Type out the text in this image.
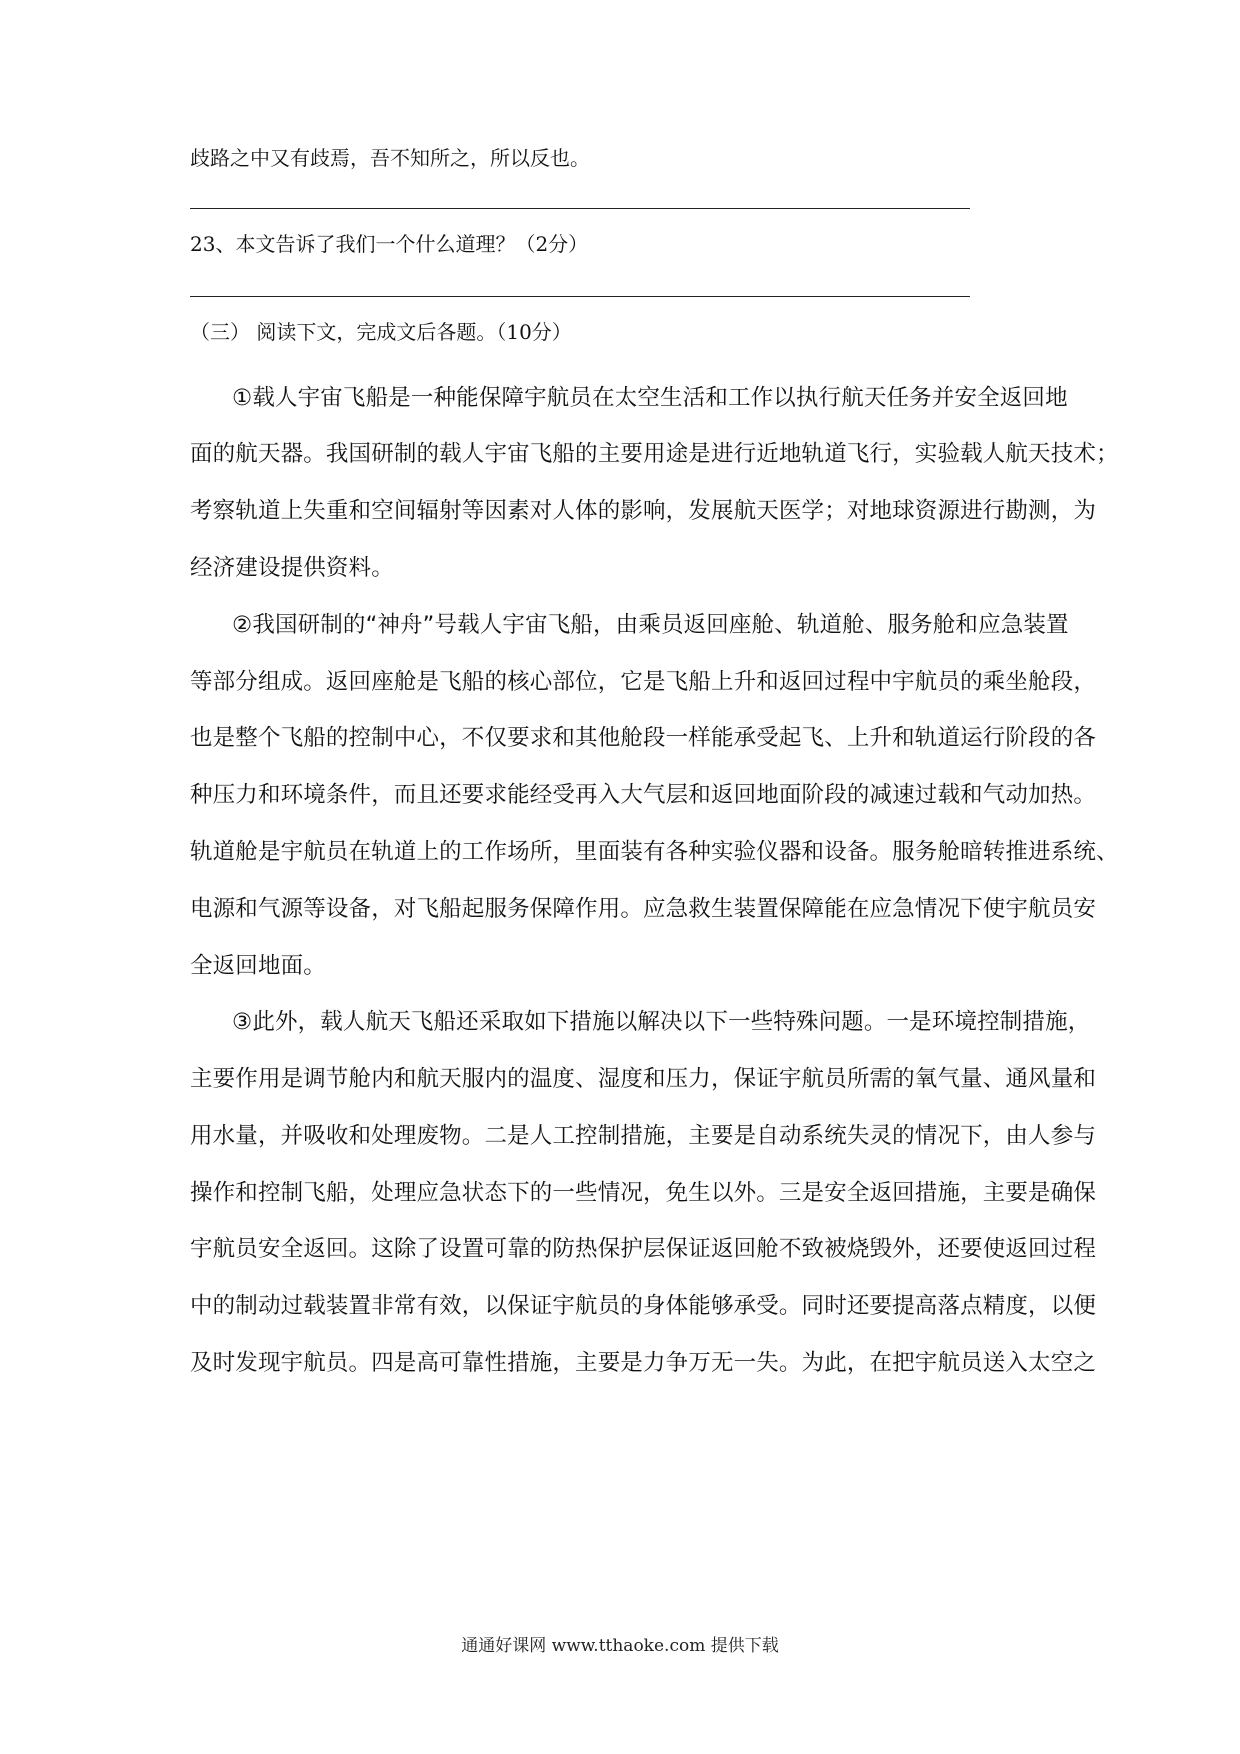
歧路之中又有歧焉，吾不知所之，所以反也。
23、本文告诉了我们一个什么道理？（2分）
（三） 阅读下文，完成文后各题。（10分）
①载人宇宙飞船是一种能保障宇航员在太空生活和工作以执行航天任务并安全返回地
面的航天器。我国研制的载人宇宙飞船的主要用途是进行近地轨道飞行，实验载人航天技术；
考察轨道上失重和空间辐射等因素对人体的影响，发展航天医学；对地球资源进行勘测，为
经济建设提供资料。
②我国研制的“神舟”号载人宇宙飞船，由乘员返回座舱、轨道舱、服务舱和应急装置
等部分组成。返回座舱是飞船的核心部位，它是飞船上升和返回过程中宇航员的乘坐舱段，
也是整个飞船的控制中心，不仅要求和其他舱段一样能承受起飞、上升和轨道运行阶段的各
种压力和环境条件，而且还要求能经受再入大气层和返回地面阶段的减速过载和气动加热。
轨道舱是宇航员在轨道上的工作场所，里面装有各种实验仪器和设备。服务舱暗转推进系统、
电源和气源等设备，对飞船起服务保障作用。应急救生装置保障能在应急情况下使宇航员安
全返回地面。
③此外，载人航天飞船还采取如下措施以解决以下一些特殊问题。一是环境控制措施，
主要作用是调节舱内和航天服内的温度、湿度和压力，保证宇航员所需的氧气量、通风量和
用水量，并吸收和处理废物。二是人工控制措施，主要是自动系统失灵的情况下，由人参与
操作和控制飞船，处理应急状态下的一些情况，免生以外。三是安全返回措施，主要是确保
宇航员安全返回。这除了设置可靠的防热保护层保证返回舱不致被烧毁外，还要使返回过程
中的制动过载装置非常有效，以保证宇航员的身体能够承受。同时还要提高落点精度，以便
及时发现宇航员。四是高可靠性措施，主要是力争万无一失。为此，在把宇航员送入太空之
通通好课网 www.tthaoke.com 提供下载
